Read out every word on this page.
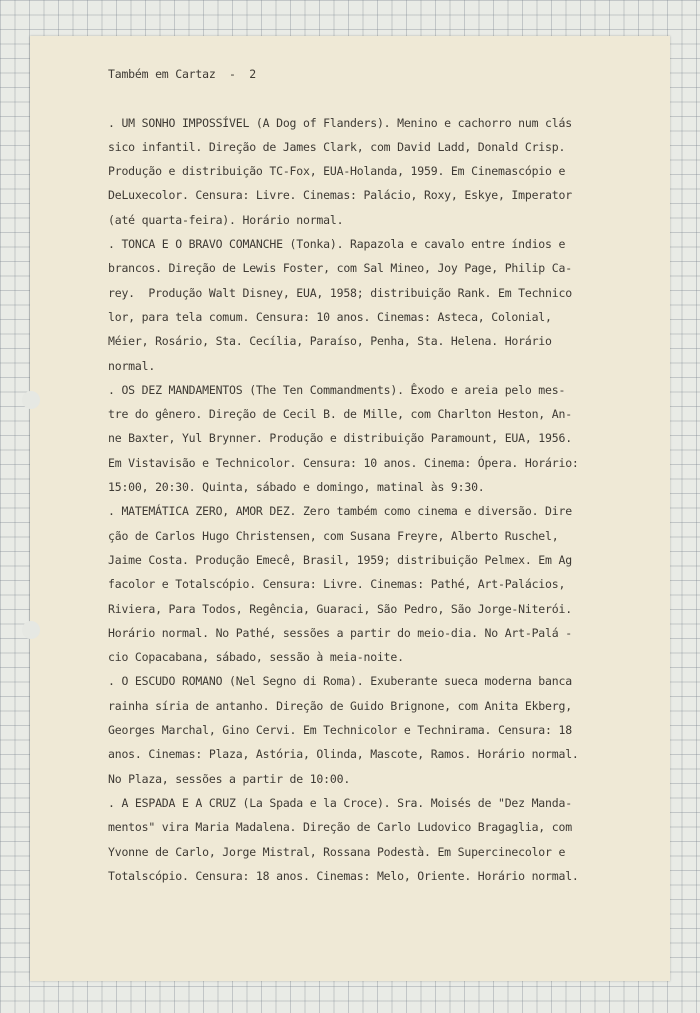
Também em Cartaz  -  2
. UM SONHO IMPOSSÍVEL (A Dog of Flanders). Menino e cachorro num clás
sico infantil. Direção de James Clark, com David Ladd, Donald Crisp.
Produção e distribuição TC-Fox, EUA-Holanda, 1959. Em Cinemascópio e
DeLuxecolor. Censura: Livre. Cinemas: Palácio, Roxy, Eskye, Imperator
(até quarta-feira). Horário normal.
. TONCA E O BRAVO COMANCHE (Tonka). Rapazola e cavalo entre índios e
brancos. Direção de Lewis Foster, com Sal Mineo, Joy Page, Philip Ca-
rey.  Produção Walt Disney, EUA, 1958; distribuição Rank. Em Technico
lor, para tela comum. Censura: 10 anos. Cinemas: Asteca, Colonial,
Méier, Rosário, Sta. Cecília, Paraíso, Penha, Sta. Helena. Horário
normal.
. OS DEZ MANDAMENTOS (The Ten Commandments). Êxodo e areia pelo mes-
tre do gênero. Direção de Cecil B. de Mille, com Charlton Heston, An-
ne Baxter, Yul Brynner. Produção e distribuição Paramount, EUA, 1956.
Em Vistavisão e Technicolor. Censura: 10 anos. Cinema: Ópera. Horário:
15:00, 20:30. Quinta, sábado e domingo, matinal às 9:30.
. MATEMÁTICA ZERO, AMOR DEZ. Zero também como cinema e diversão. Dire
ção de Carlos Hugo Christensen, com Susana Freyre, Alberto Ruschel,
Jaime Costa. Produção Emecê, Brasil, 1959; distribuição Pelmex. Em Ag
facolor e Totalscópio. Censura: Livre. Cinemas: Pathé, Art-Palácios,
Riviera, Para Todos, Regência, Guaraci, São Pedro, São Jorge-Niterói.
Horário normal. No Pathé, sessões a partir do meio-dia. No Art-Palá -
cio Copacabana, sábado, sessão à meia-noite.
. O ESCUDO ROMANO (Nel Segno di Roma). Exuberante sueca moderna banca
rainha síria de antanho. Direção de Guido Brignone, com Anita Ekberg,
Georges Marchal, Gino Cervi. Em Technicolor e Technirama. Censura: 18
anos. Cinemas: Plaza, Astória, Olinda, Mascote, Ramos. Horário normal.
No Plaza, sessões a partir de 10:00.
. A ESPADA E A CRUZ (La Spada e la Croce). Sra. Moisés de "Dez Manda-
mentos" vira Maria Madalena. Direção de Carlo Ludovico Bragaglia, com
Yvonne de Carlo, Jorge Mistral, Rossana Podestà. Em Supercinecolor e
Totalscópio. Censura: 18 anos. Cinemas: Melo, Oriente. Horário normal.
